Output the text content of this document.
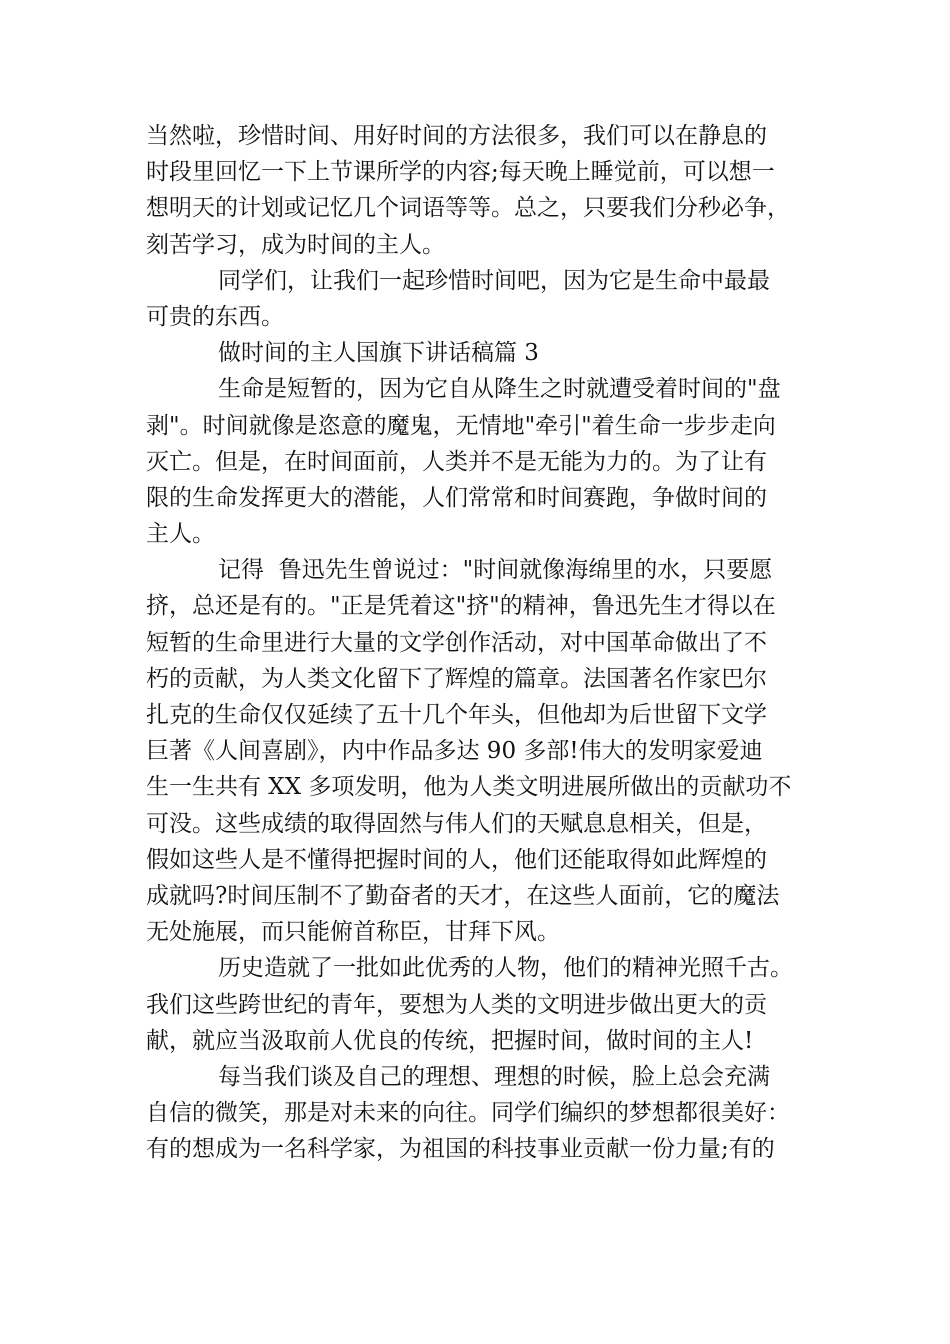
当然啦，珍惜时间、用好时间的方法很多，我们可以在静息的
时段里回忆一下上节课所学的内容;每天晚上睡觉前，可以想一
想明天的计划或记忆几个词语等等。总之，只要我们分秒必争，
刻苦学习，成为时间的主人。
同学们，让我们一起珍惜时间吧，因为它是生命中最最
可贵的东西。
做时间的主人国旗下讲话稿篇 3
生命是短暂的，因为它自从降生之时就遭受着时间的"盘
剥"。时间就像是恣意的魔鬼，无情地"牵引"着生命一步步走向
灭亡。但是，在时间面前，人类并不是无能为力的。为了让有
限的生命发挥更大的潜能，人们常常和时间赛跑，争做时间的
主人。
记得  鲁迅先生曾说过："时间就像海绵里的水，只要愿
挤，总还是有的。"正是凭着这"挤"的精神，鲁迅先生才得以在
短暂的生命里进行大量的文学创作活动，对中国革命做出了不
朽的贡献，为人类文化留下了辉煌的篇章。法国著名作家巴尔
扎克的生命仅仅延续了五十几个年头，但他却为后世留下文学
巨著《人间喜剧》，内中作品多达 90 多部!伟大的发明家爱迪
生一生共有 XX 多项发明，他为人类文明进展所做出的贡献功不
可没。这些成绩的取得固然与伟人们的天赋息息相关，但是，
假如这些人是不懂得把握时间的人，他们还能取得如此辉煌的
成就吗?时间压制不了勤奋者的天才，在这些人面前，它的魔法
无处施展，而只能俯首称臣，甘拜下风。
历史造就了一批如此优秀的人物，他们的精神光照千古。
我们这些跨世纪的青年，要想为人类的文明进步做出更大的贡
献，就应当汲取前人优良的传统，把握时间，做时间的主人!
每当我们谈及自己的理想、理想的时候，脸上总会充满
自信的微笑，那是对未来的向往。同学们编织的梦想都很美好：
有的想成为一名科学家，为祖国的科技事业贡献一份力量;有的
